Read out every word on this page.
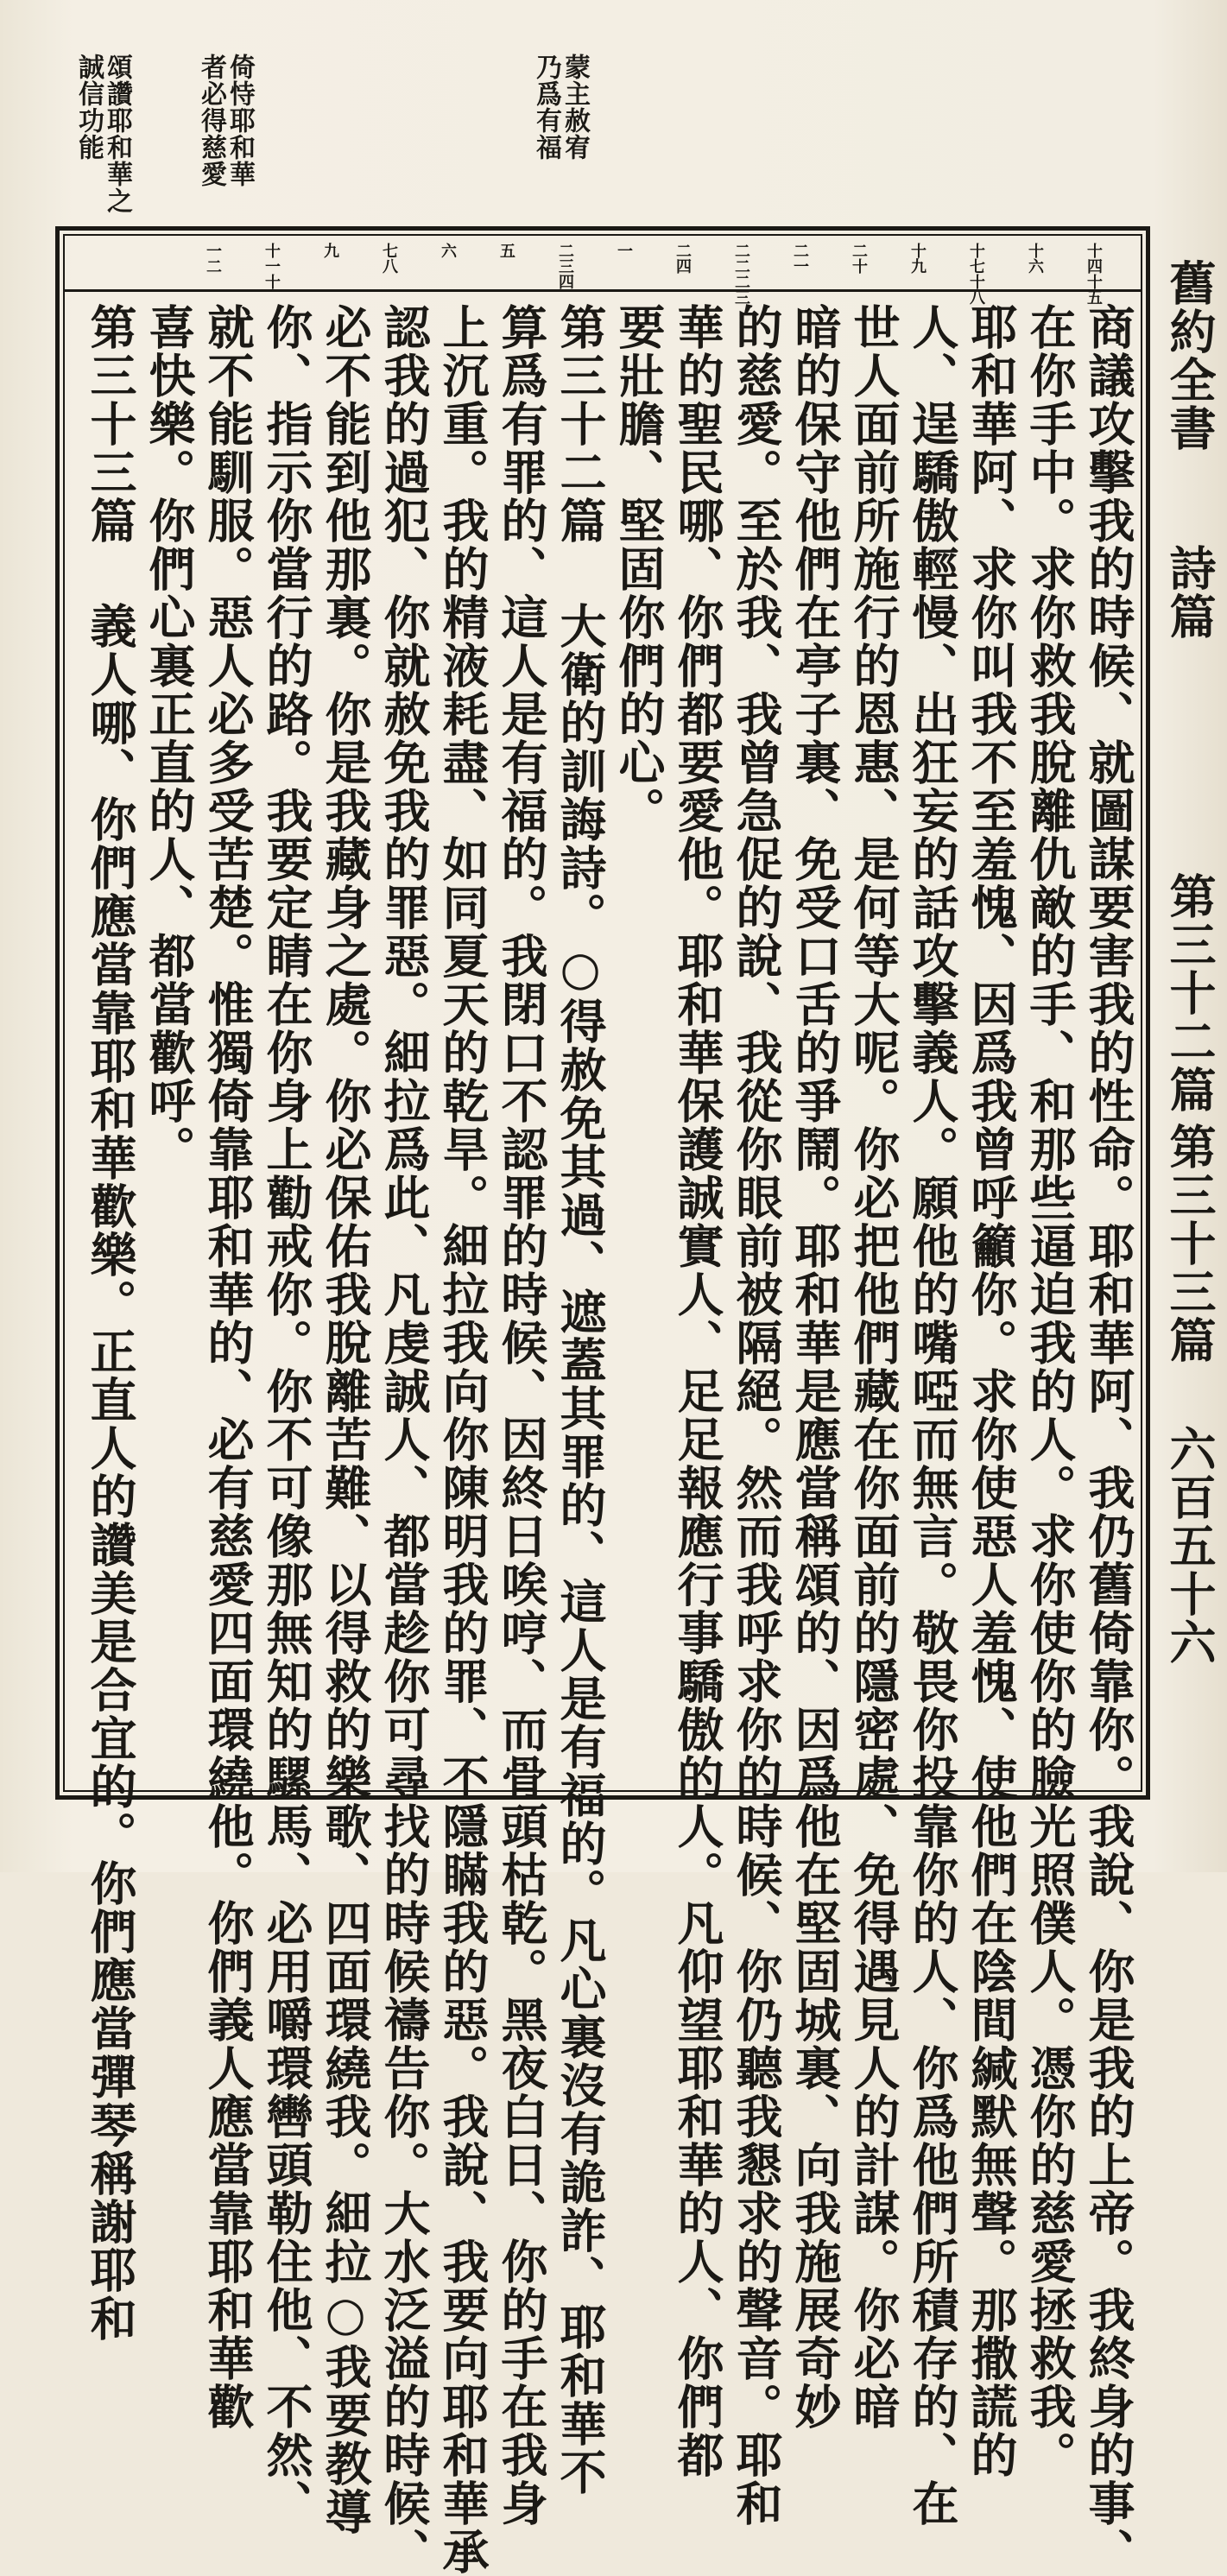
頌讚耶和華之誠信功能	倚恃耶和華者必得慈愛	蒙主赦宥乃爲有福
十四十五
十六
十七十八
十九
二十
二一
二二二三
二四
一
二三四
五
六
七八
九
十一十
一二
商議攻擊我的時候、就圖謀要害我的性命。耶和華阿、我仍舊倚靠你。我說、你是我的上帝。我終身的事、
在你手中。求你救我脫離仇敵的手、和那些逼迫我的人。求你使你的臉光照僕人。憑你的慈愛拯救我。
耶和華阿、求你叫我不至羞愧、因爲我曾呼籲你。求你使惡人羞愧、使他們在陰間緘默無聲。那撒謊的
人、逞驕傲輕慢、出狂妄的話攻擊義人。願他的嘴啞而無言。敬畏你投靠你的人、你爲他們所積存的、在
世人面前所施行的恩惠、是何等大呢。你必把他們藏在你面前的隱密處、免得遇見人的計謀。你必暗
暗的保守他們在亭子裏、免受口舌的爭鬧。耶和華是應當稱頌的、因爲他在堅固城裏、向我施展奇妙
的慈愛。至於我、我曾急促的說、我從你眼前被隔絕。然而我呼求你的時候、你仍聽我懇求的聲音。耶和
華的聖民哪、你們都要愛他。耶和華保護誠實人、足足報應行事驕傲的人。凡仰望耶和華的人、你們都
要壯膽、堅固你們的心。
第三十二篇 大衛的訓誨詩。○得赦免其過、遮蓋其罪的、這人是有福的。凡心裏沒有詭詐、耶和華不
算爲有罪的、這人是有福的。我閉口不認罪的時候、因終日唉哼、而骨頭枯乾。黑夜白日、你的手在我身
上沉重。我的精液耗盡、如同夏天的乾旱。細拉我向你陳明我的罪、不隱瞞我的惡。我說、我要向耶和華承
認我的過犯、你就赦免我的罪惡。細拉爲此、凡虔誠人、都當趁你可尋找的時候禱告你。大水泛溢的時候、
必不能到他那裏。你是我藏身之處。你必保佑我脫離苦難、以得救的樂歌、四面環繞我。細拉○我要教導
你、指示你當行的路。我要定睛在你身上勸戒你。你不可像那無知的騾馬、必用嚼環轡頭勒住他、不然、
就不能馴服。惡人必多受苦楚。惟獨倚靠耶和華的、必有慈愛四面環繞他。你們義人應當靠耶和華歡
喜快樂。你們心裏正直的人、都當歡呼。
第三十三篇 義人哪、你們應當靠耶和華歡樂。正直人的讚美是合宜的。你們應當彈琴稱謝耶和	舊約全書
詩篇
第三十二篇
第三十三篇
六百五十六
